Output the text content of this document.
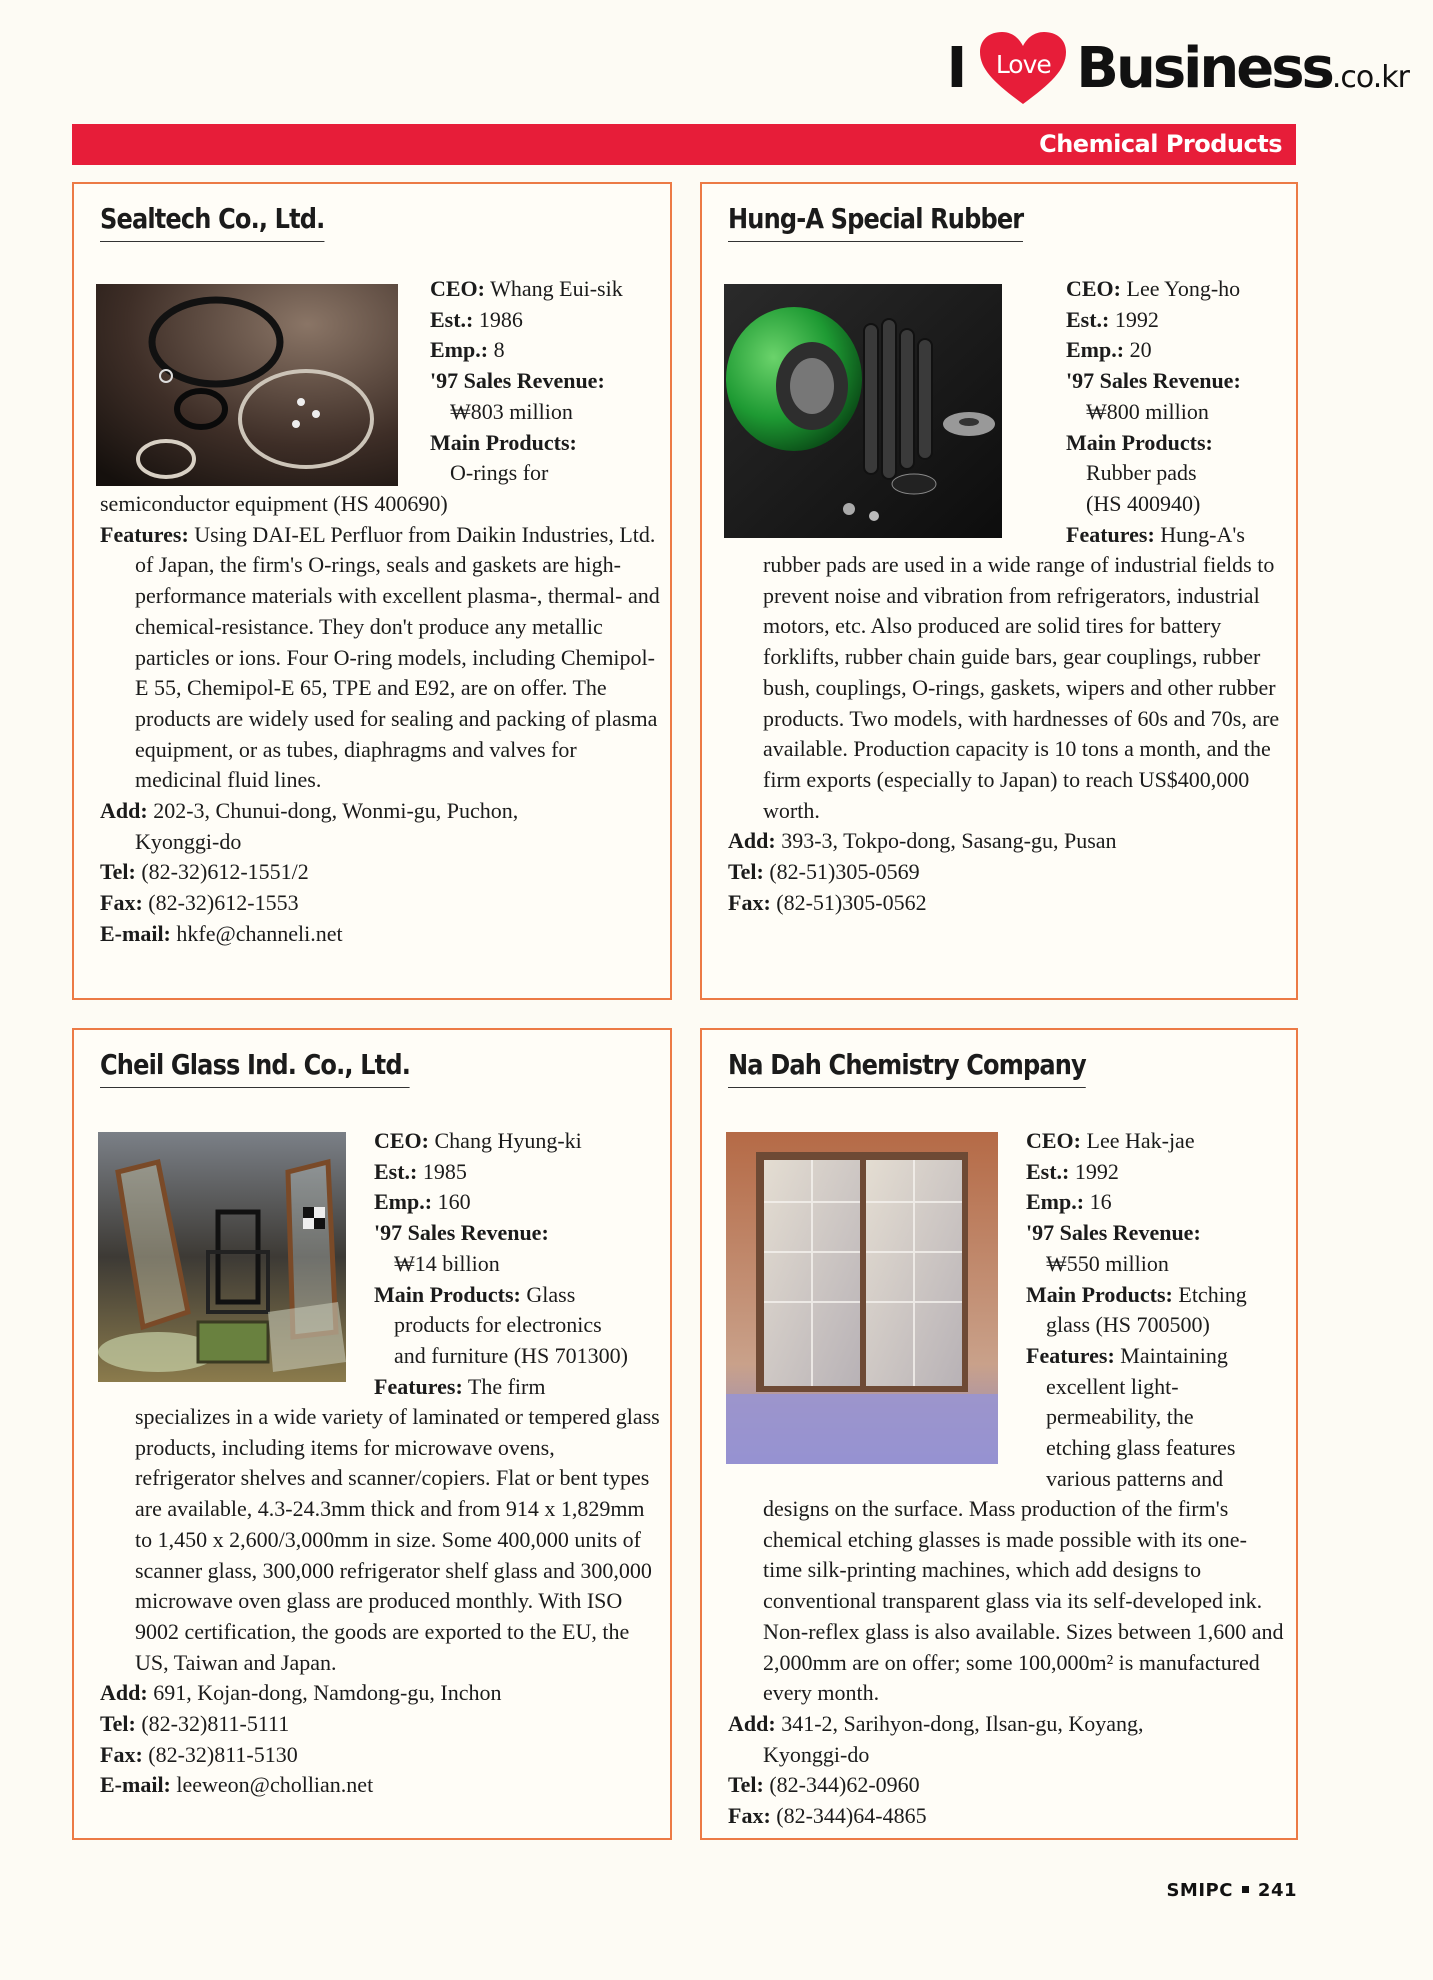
I	Love Business .co.kr
Chemical Products
Sealtech Co., Ltd.
CEO: Whang Eui-sik
Est.: 1986
Emp.: 8
'97 Sales Revenue:
₩803 million
Main Products:
O-rings for

semiconductor equipment (HS 400690)

Features: Using DAI-EL Perfluor from Daikin Industries, Ltd. of Japan, the firm's O-rings, seals and gaskets are high-performance materials with excellent plasma-, thermal- and chemical-resistance. They don't produce any metallic particles or ions. Four O-ring models, including Chemipol-E 55, Chemipol-E 65, TPE and E92, are on offer. The products are widely used for sealing and packing of plasma equipment, or as tubes, diaphragms and valves for medicinal fluid lines.

Add: 202-3, Chunui-dong, Wonmi-gu, Puchon,
Kyonggi-do

Tel: (82-32)612-1551/2

Fax: (82-32)612-1553

E-mail: hkfe@channeli.net

Hung-A Special Rubber
CEO: Lee Yong-ho
Est.: 1992
Emp.: 20
'97 Sales Revenue:
₩800 million
Main Products:
Rubber pads
(HS 400940)
Features: Hung-A's

rubber pads are used in a wide range of industrial fields to prevent noise and vibration from refrigerators, industrial motors, etc. Also produced are solid tires for battery forklifts, rubber chain guide bars, gear couplings, rubber bush, couplings, O-rings, gaskets, wipers and other rubber products. Two models, with hardnesses of 60s and 70s, are available. Production capacity is 10 tons a month, and the firm exports (especially to Japan) to reach US$400,000 worth.

Add: 393-3, Tokpo-dong, Sasang-gu, Pusan

Tel: (82-51)305-0569

Fax: (82-51)305-0562

Cheil Glass Ind. Co., Ltd.
CEO: Chang Hyung-ki
Est.: 1985
Emp.: 160
'97 Sales Revenue:
₩14 billion
Main Products: Glass
products for electronics
and furniture (HS 701300)
Features: The firm

specializes in a wide variety of laminated or tempered glass products, including items for microwave ovens, refrigerator shelves and scanner/copiers. Flat or bent types are available, 4.3-24.3mm thick and from 914 x 1,829mm to 1,450 x 2,600/3,000mm in size. Some 400,000 units of scanner glass, 300,000 refrigerator shelf glass and 300,000 microwave oven glass are produced monthly. With ISO 9002 certification, the goods are exported to the EU, the US, Taiwan and Japan.

Add: 691, Kojan-dong, Namdong-gu, Inchon

Tel: (82-32)811-5111

Fax: (82-32)811-5130

E-mail: leeweon@chollian.net

Na Dah Chemistry Company
CEO: Lee Hak-jae
Est.: 1992
Emp.: 16
'97 Sales Revenue:
₩550 million
Main Products: Etching
glass (HS 700500)
Features: Maintaining
excellent light-
permeability, the
etching glass features
various patterns and

designs on the surface. Mass production of the firm's chemical etching glasses is made possible with its one-time silk-printing machines, which add designs to conventional transparent glass via its self-developed ink. Non-reflex glass is also available. Sizes between 1,600 and 2,000mm are on offer; some 100,000m² is manufactured every month.

Add: 341-2, Sarihyon-dong, Ilsan-gu, Koyang,
Kyonggi-do

Tel: (82-344)62-0960

Fax: (82-344)64-4865

SMIPC 241
